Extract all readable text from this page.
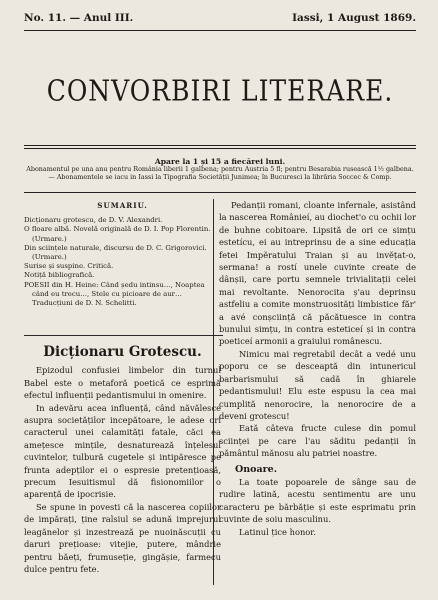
No. 11. — Anul III.	Iassi, 1 August 1869.
CONVORBIRI LITERARE.
Apare la 1 și 15 a fiecărei luni.
Abonamentul pe una anu pentru România liberii 1 galbena; pentru Austria 5 fl; pentru Besarabia rusească 1½ galbena.
— Abonamentele se iacu in Iassi la Tipografia Societății Junimea; în Bucuresci la librăria Soccec & Comp.
SUMARIU.

Dicționaru grotescu, de D. V. Alexandri.

O floare albă. Novelă originală de D. I. Pop Florentin. (Urmare.)

Din sciințele naturale, discursu de D. C. Grigorovici. (Urmare.)

Surise și suspine. Critică.

Notiță bibliografică.

POESII din H. Heine: Când ședu intinsu…, Noaptea când eu trecu…, Stele cu picioare de aur… Traducțiuni de D. N. Schelitti.

Dicționaru Grotescu.

Epizodul confusiei limbelor din turnul Babel este o metaforă poetică ce esprimă efectul influenții pedantismului in omenire.

In adevăru acea influență, când năvălesce asupra societăților incepătoare, le adese ori caracterul unei calamități fatale, căci ea amețesce mințile, desnaturează înțelesul cuvintelor, tulbură cugetele și intipăresce pe frunta adepților ei o espresie pretențioasă, precum Iesuitismul dă fisionomiilor o aparență de ipocrisie.

Se spune in povesti că la nascerea copiilor de impărați, ține ralsiul se adună imprejurul leagănelor și inzestrează pe nuoinăscuții cu daruri prețioase: vitejie, putere, mândrie pentru băeți, frumuseție, gingășie, farmecu dulce pentru fete.

Pedanții romani, cloante infernale, asistând la nascerea Românieí, au diochet'o cu ochii lor de buhne cobitoare. Lipsită de ori ce simțu estetícu, ei au intreprinsu de a sine educația fetei Impĕratului Traian și au invĕțat-o, sermana! a rostí unele cuvinte create de dânșii, care portu semnele trivialitații celei mai revoltante. Nenorocita ș'au deprinsu astfeliu a comite monstruosități limbistice făr' a avé conșciință că păcătuesce in contra bunului simțu, in contra esteticeí și in contra poeticeí armonii a graiului românescu.

Nimicu mai regretabil decât a vedé unu poporu ce se desceaptă din intunericul barbarismului să cadă în ghiarele pedantismului! Elu este espusu la cea mai cumplită nenorocire, la nenorocire de a deveni grotescu!

Eată câteva fructe culese din pomul sciinței pe care l'au săditu pedanții în pământul mănosu alu patriei noastre.

Onoare.

La toate popoarele de sânge sau de rudire latină, acestu sentimentu are unu caracteru pe bărbăție și este esprimatu prin cuvinte de soiu masculinu.

Latinul țice honor.
